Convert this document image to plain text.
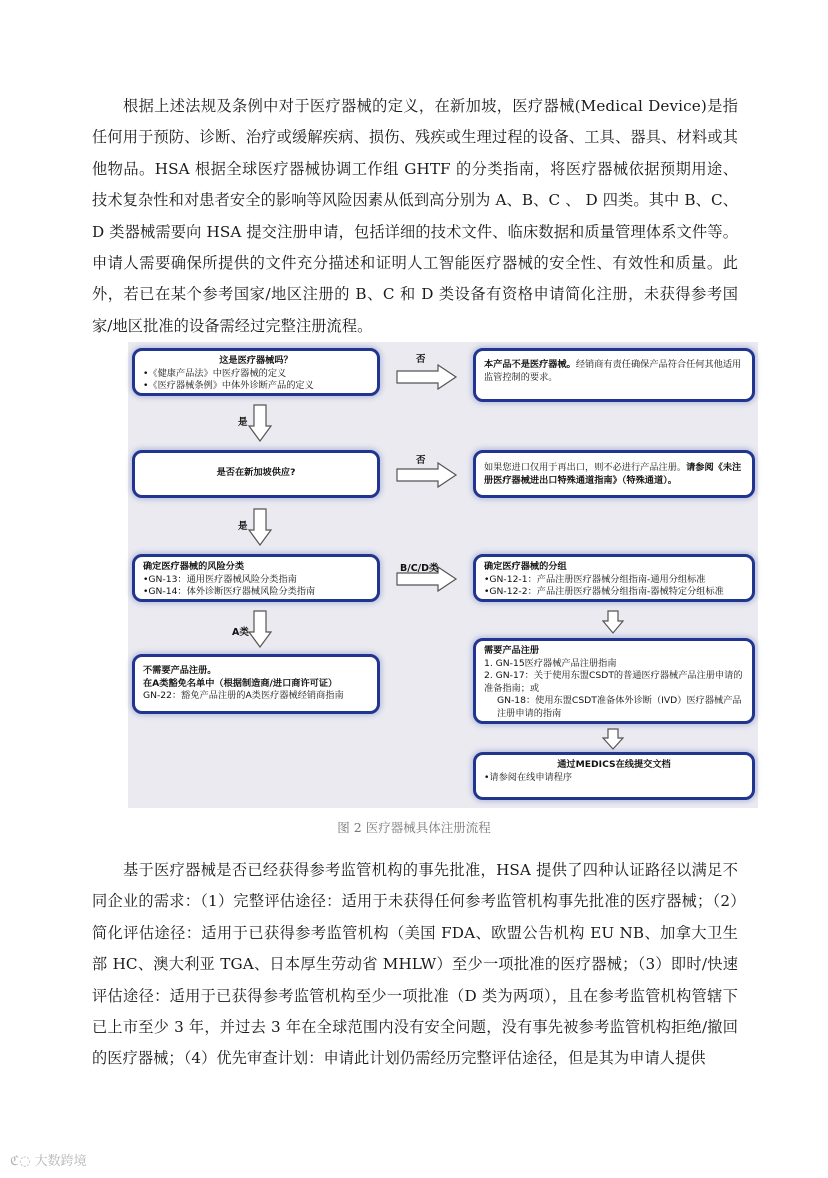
根据上述法规及条例中对于医疗器械的定义，在新加坡，医疗器械(Medical Device)是指任何用于预防、诊断、治疗或缓解疾病、损伤、残疾或生理过程的设备、工具、器具、材料或其他物品。HSA 根据全球医疗器械协调工作组 GHTF 的分类指南，将医疗器械依据预期用途、技术复杂性和对患者安全的影响等风险因素从低到高分别为 A、B、C 、 D 四类。其中 B、C、D 类器械需要向 HSA 提交注册申请，包括详细的技术文件、临床数据和质量管理体系文件等。申请人需要确保所提供的文件充分描述和证明人工智能医疗器械的安全性、有效性和质量。此外，若已在某个参考国家/地区注册的 B、C 和 D 类设备有资格申请简化注册，未获得参考国家/地区批准的设备需经过完整注册流程。

这是医疗器械吗？
•《健康产品法》中医疗器械的定义
•《医疗器械条例》中体外诊断产品的定义
本产品不是医疗器械。经销商有责任确保产品符合任何其他适用监管控制的要求。
是否在新加坡供应?	如果您进口仅用于再出口，则不必进行产品注册。请参阅《未注册医疗器械进出口特殊通道指南》（特殊通道）。
确定医疗器械的风险分类
•GN-13：通用医疗器械风险分类指南
•GN-14：体外诊断医疗器械风险分类指南
确定医疗器械的分组
•GN-12-1：产品注册医疗器械分组指南-通用分组标准
•GN-12-2：产品注册医疗器械分组指南-器械特定分组标准
不需要产品注册。
在A类豁免名单中（根据制造商/进口商许可证）
GN-22：豁免产品注册的A类医疗器械经销商指南
需要产品注册
1. GN-15医疗器械产品注册指南
2. GN-17：关于使用东盟CSDT的普通医疗器械产品注册申请的准备指南；或
GN-18：使用东盟CSDT准备体外诊断（IVD）医疗器械产品注册申请的指南
通过MEDICS在线提交文档
•请参阅在线申请程序
否
否
是
是
B/C/D类
A类
图 2 医疗器械具体注册流程

基于医疗器械是否已经获得参考监管机构的事先批准，HSA 提供了四种认证路径以满足不同企业的需求：（1）完整评估途径：适用于未获得任何参考监管机构事先批准的医疗器械；（2）简化评估途径：适用于已获得参考监管机构（美国 FDA、欧盟公告机构 EU NB、加拿大卫生部 HC、澳大利亚 TGA、日本厚生劳动省 MHLW）至少一项批准的医疗器械；（3）即时/快速评估途径：适用于已获得参考监管机构至少一项批准（D 类为两项），且在参考监管机构管辖下已上市至少 3 年，并过去 3 年在全球范围内没有安全问题，没有事先被参考监管机构拒绝/撤回的医疗器械；（4）优先审查计划：申请此计划仍需经历完整评估途径，但是其为申请人提供

ℭ◌ 大数跨境
